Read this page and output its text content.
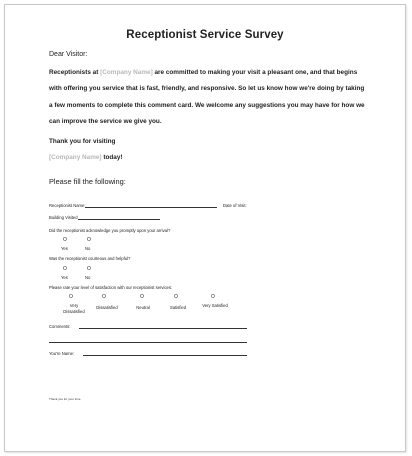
Receptionist Service Survey
Dear Visitor:

Receptionists at [Company Name] are committed to making your visit a pleasant one, and that begins with offering you service that is fast, friendly, and responsive. So let us know how we're doing by taking a few moments to complete this comment card. We welcome any suggestions you may have for how we can improve the service we give you.

Thank you for visiting
[Company Name] today!

Please fill the following:
Receptionist Name:	Date of Visit:
Building Visited
Did the receptionist acknowledge you promptly upon your arrival?
O	O
Yes	No
Was the receptionist courteous and helpful?
O	O
Yes	No
Please rate your level of satisfaction with our receptionist services:
O	O	O	O	O
Very Dissatisfied
Dissatisfied	Neutral	Satisfied	Very Satisfied
Comments:
You're Name:
Thank you for your time
